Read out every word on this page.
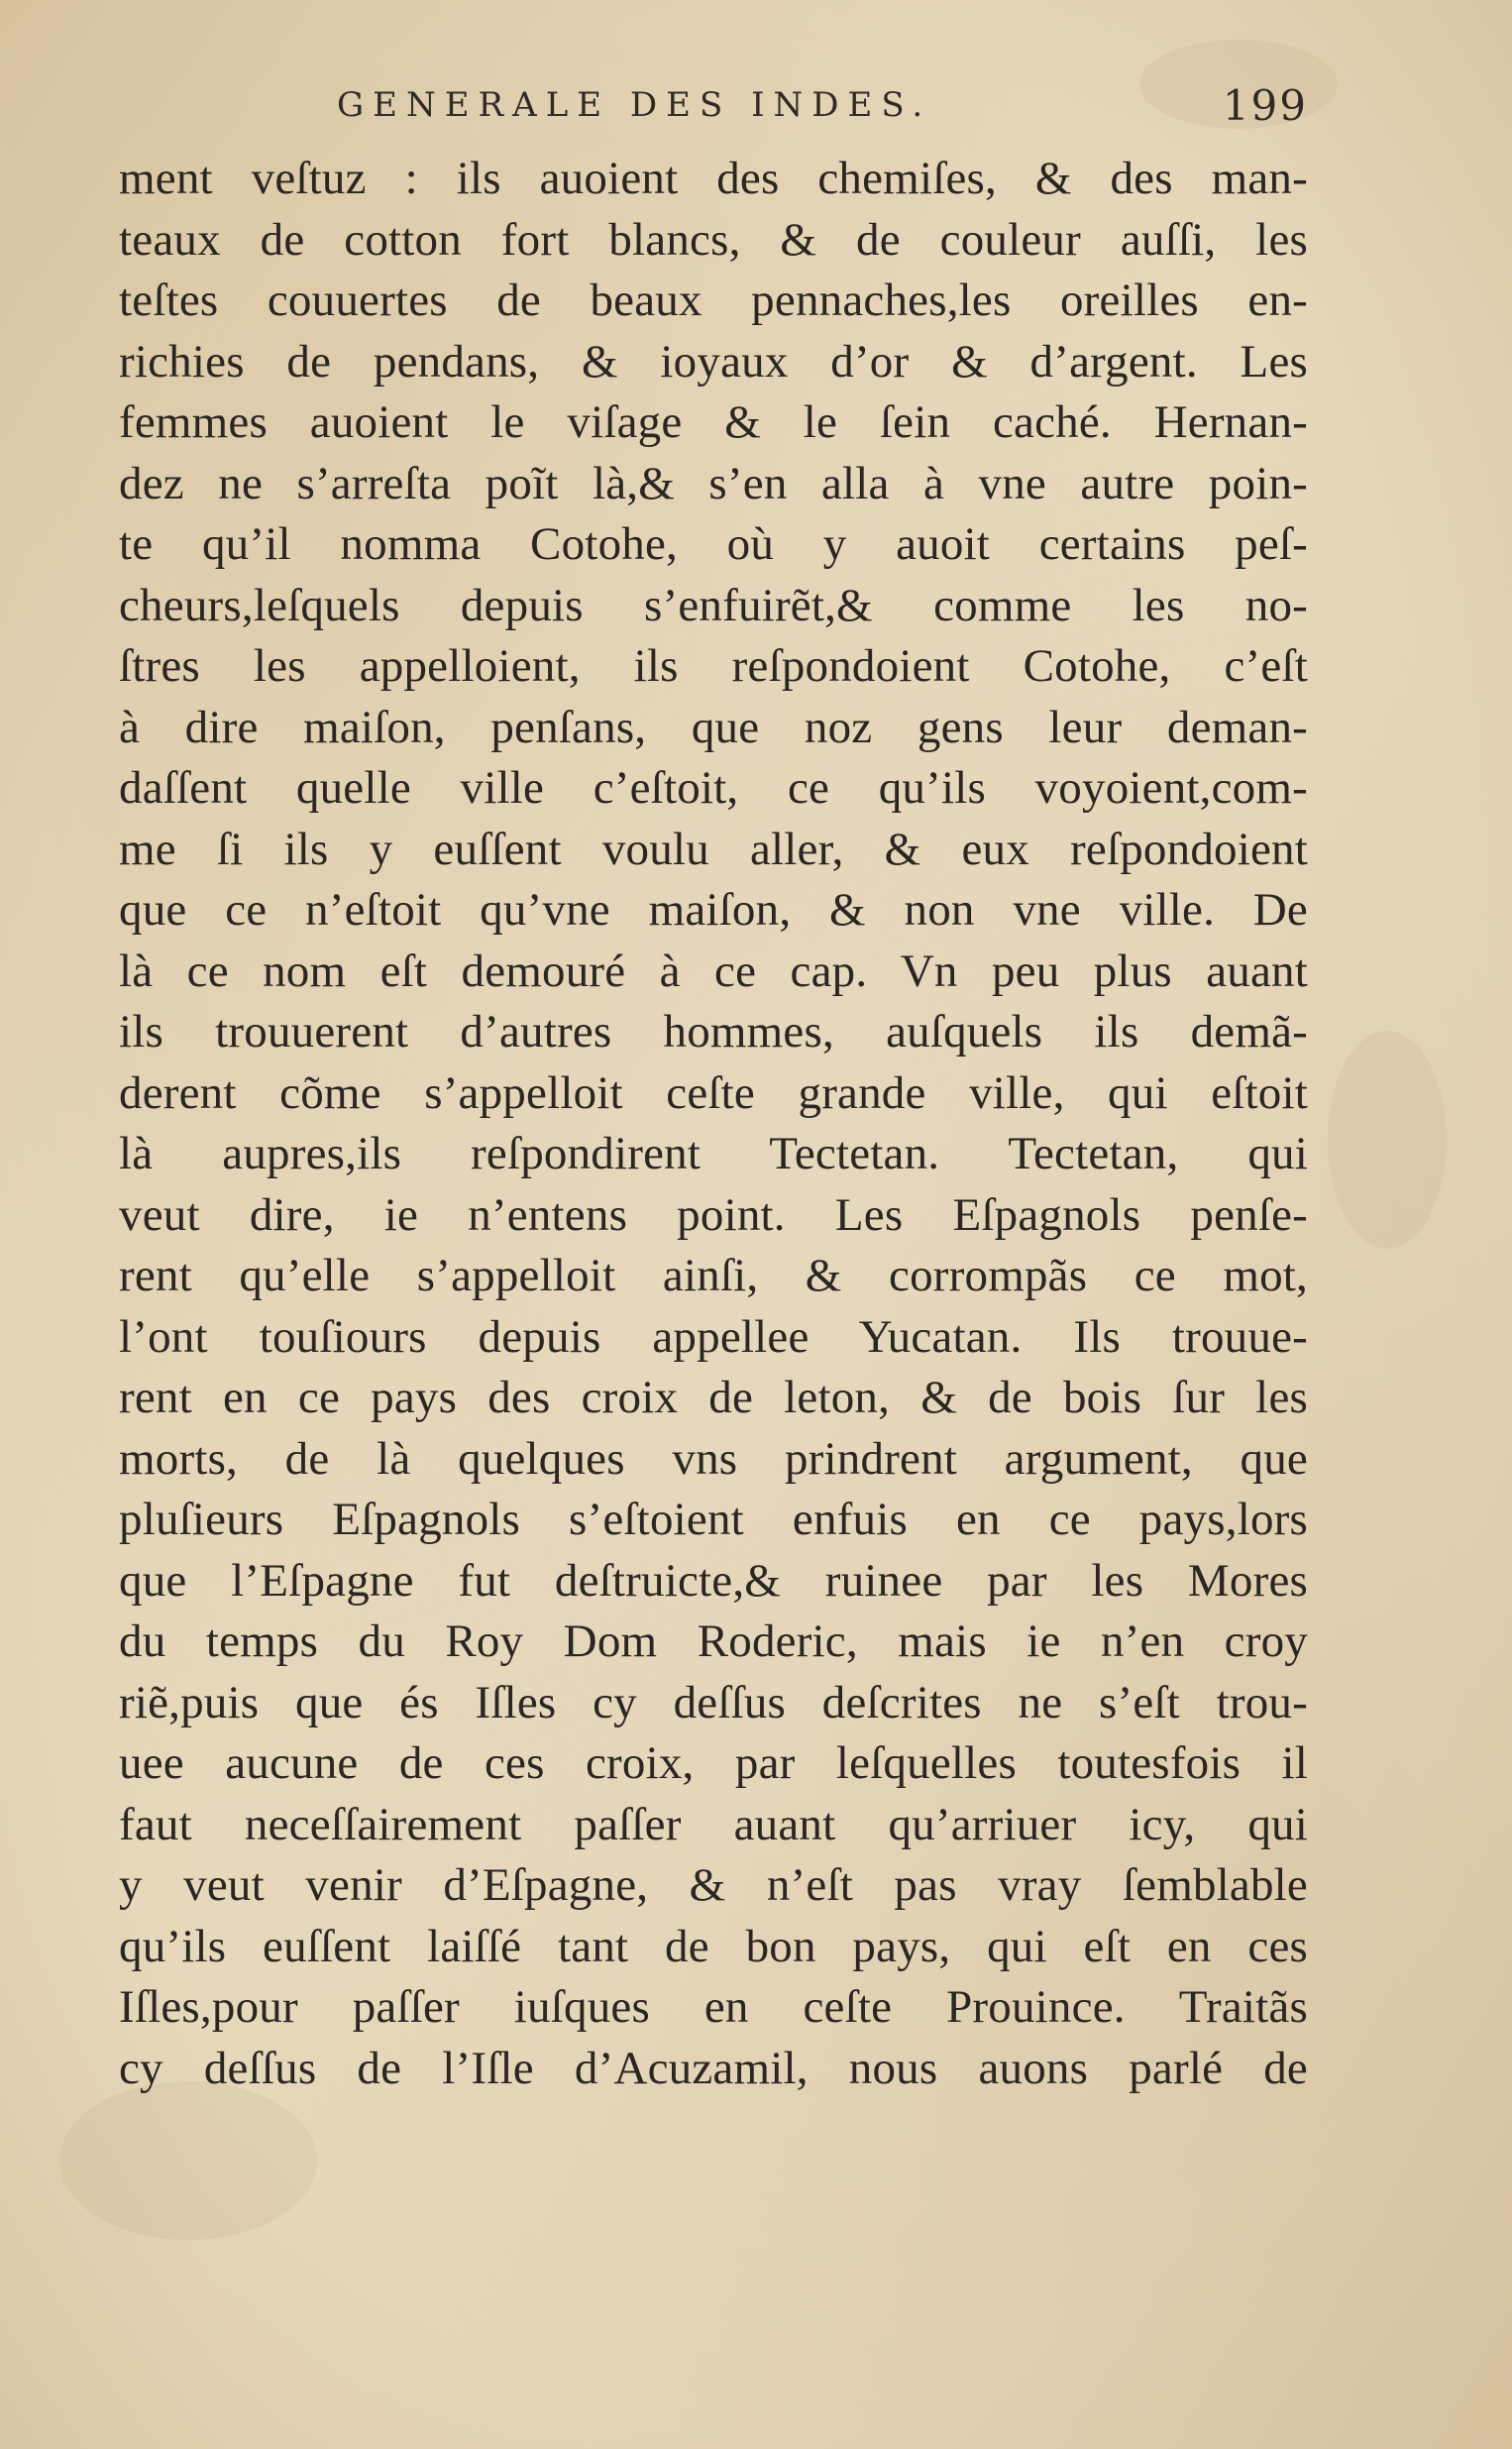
GENERALE DES INDES.	199
ment veſtuz : ils auoient des chemiſes, & des man-
teaux de cotton fort blancs, & de couleur auſſi, les
teſtes couuertes de beaux pennaches,les oreilles en-
richies de pendans, & ioyaux d’or & d’argent. Les
femmes auoient le viſage & le ſein caché. Hernan-
dez ne s’arreſta poĩt là,& s’en alla à vne autre poin-
te qu’il nomma Cotohe, où y auoit certains peſ-
cheurs,leſquels depuis s’enfuirẽt,& comme les no-
ſtres les appelloient, ils reſpondoient Cotohe, c’eſt
à dire maiſon, penſans, que noz gens leur deman-
daſſent quelle ville c’eſtoit, ce qu’ils voyoient,com-
me ſi ils y euſſent voulu aller, & eux reſpondoient
que ce n’eſtoit qu’vne maiſon, & non vne ville. De
là ce nom eſt demouré à ce cap. Vn peu plus auant
ils trouuerent d’autres hommes, auſquels ils demã-
derent cõme s’appelloit ceſte grande ville, qui eſtoit
là aupres,ils reſpondirent Tectetan. Tectetan, qui
veut dire, ie n’entens point. Les Eſpagnols penſe-
rent qu’elle s’appelloit ainſi, & corrompãs ce mot,
l’ont touſiours depuis appellee Yucatan. Ils trouue-
rent en ce pays des croix de leton, & de bois ſur les
morts, de là quelques vns prindrent argument, que
pluſieurs Eſpagnols s’eſtoient enfuis en ce pays,lors
que l’Eſpagne fut deſtruicte,& ruinee par les Mores
du temps du Roy Dom Roderic, mais ie n’en croy
riẽ,puis que és Iſles cy deſſus deſcrites ne s’eſt trou-
uee aucune de ces croix, par leſquelles toutesfois il
faut neceſſairement paſſer auant qu’arriuer icy, qui
y veut venir d’Eſpagne, & n’eſt pas vray ſemblable
qu’ils euſſent laiſſé tant de bon pays, qui eſt en ces
Iſles,pour paſſer iuſques en ceſte Prouince. Traitãs
cy deſſus de l’Iſle d’Acuzamil, nous auons parlé de
